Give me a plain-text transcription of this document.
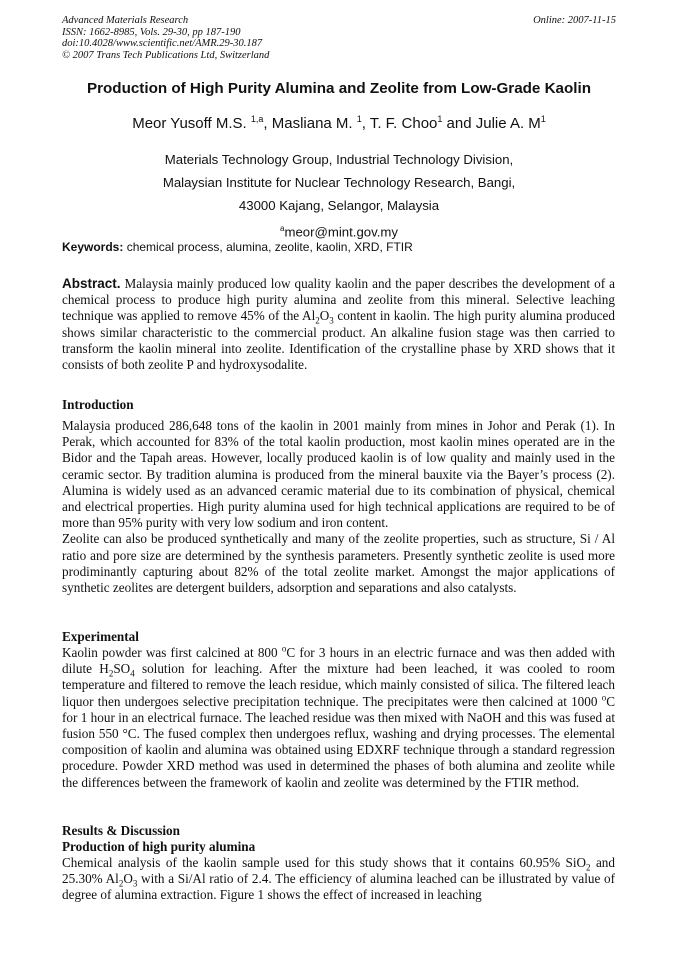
Advanced Materials Research
ISSN: 1662-8985, Vols. 29-30, pp 187-190
doi:10.4028/www.scientific.net/AMR.29-30.187
© 2007 Trans Tech Publications Ltd, Switzerland
Online: 2007-11-15
Production of High Purity Alumina and Zeolite from Low-Grade Kaolin
Meor Yusoff M.S. $^{1,a}$, Masliana M. $^1$, T. F. Choo$^1$ and Julie A. $M^1$
Materials Technology Group, Industrial Technology Division,
Malaysian Institute for Nuclear Technology Research, Bangi,
43000 Kajang, Selangor, Malaysia
$^a$meor@mint.gov.my
Keywords: chemical process, alumina, zeolite, kaolin, XRD, FTIR
Abstract. Malaysia mainly produced low quality kaolin and the paper describes the development of a chemical process to produce high purity alumina and zeolite from this mineral. Selective leaching technique was applied to remove 45% of the $Al_2O_3$ content in kaolin. The high purity alumina produced shows similar characteristic to the commercial product. An alkaline fusion stage was then carried to transform the kaolin mineral into zeolite. Identification of the crystalline phase by XRD shows that it consists of both zeolite P and hydroxysodalite.
Introduction
Malaysia produced 286,648 tons of the kaolin in 2001 mainly from mines in Johor and Perak (1). In Perak, which accounted for 83% of the total kaolin production, most kaolin mines operated are in the Bidor and the Tapah areas. However, locally produced kaolin is of low quality and mainly used in the ceramic sector. By tradition alumina is produced from the mineral bauxite via the Bayer’s process (2). Alumina is widely used as an advanced ceramic material due to its combination of physical, chemical and electrical properties. High purity alumina used for high technical applications are required to be of more than 95% purity with very low sodium and iron content.
Zeolite can also be produced synthetically and many of the zeolite properties, such as structure, Si / Al ratio and pore size are determined by the synthesis parameters. Presently synthetic zeolite is used more prodiminantly capturing about 82% of the total zeolite market. Amongst the major applications of synthetic zeolites are detergent builders, adsorption and separations and also catalysts.
Experimental
Kaolin powder was first calcined at 800 $^o$C for 3 hours in an electric furnace and was then added with dilute $H_2SO_4$ solution for leaching. After the mixture had been leached, it was cooled to room temperature and filtered to remove the leach residue, which mainly consisted of silica. The filtered leach liquor then undergoes selective precipitation technique. The precipitates were then calcined at 1000 $^o$C for 1 hour in an electrical furnace. The leached residue was then mixed with NaOH and this was fused at fusion 550 °C. The fused complex then undergoes reflux, washing and drying processes. The elemental composition of kaolin and alumina was obtained using EDXRF technique through a standard regression procedure. Powder XRD method was used in determined the phases of both alumina and zeolite while the differences between the framework of kaolin and zeolite was determined by the FTIR method.
Results & Discussion
Production of high purity alumina
Chemical analysis of the kaolin sample used for this study shows that it contains 60.95% SiO$_2$ and 25.30% $Al_2O_3$ with a Si/Al ratio of 2.4. The efficiency of alumina leached can be illustrated by value of degree of alumina extraction. Figure 1 shows the effect of increased in leaching
